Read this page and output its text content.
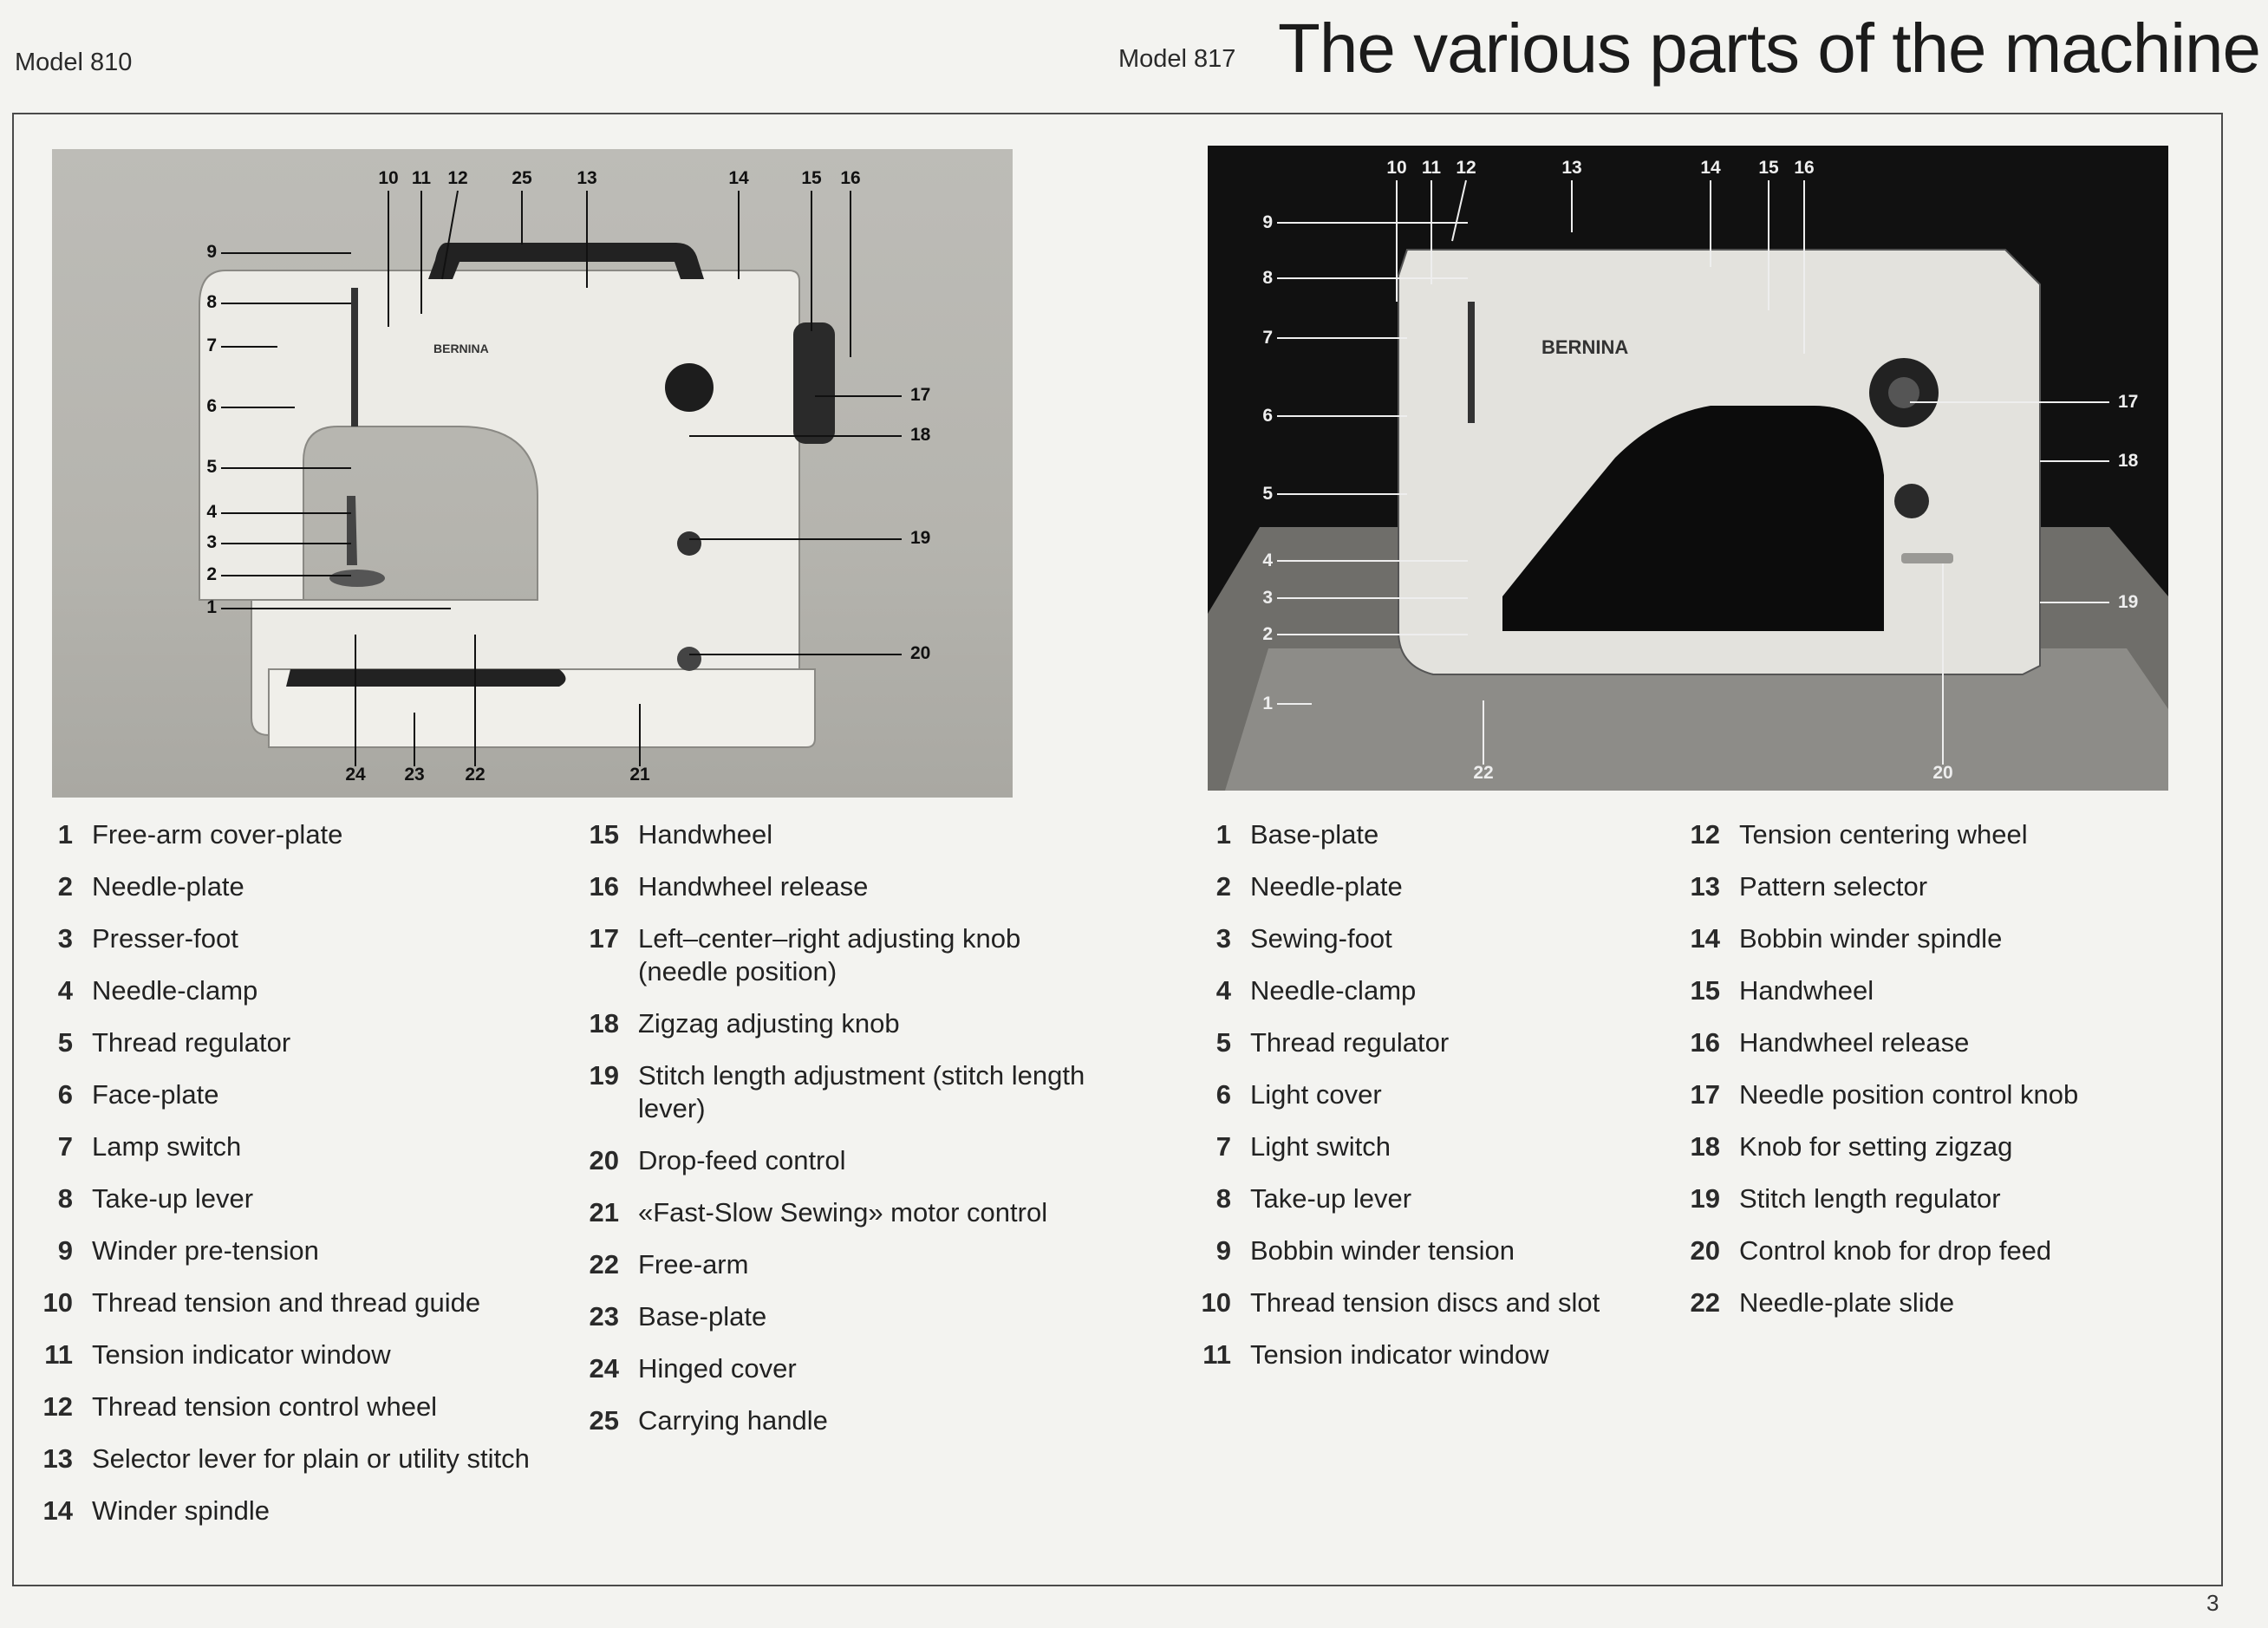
Model 810	Model 817 The various parts of the machine
BERNINA
10 11 12 25 13	14	15 16
9
8
7
6
5
4
3
2
1
17
18
19
20
24 23 22	21
BERNINA
10 11 12	13	14 15 16
9
8
7
6
5
4
3
2
1
17
18
19
22	20
1 Free-arm cover-plate
2 Needle-plate
3 Presser-foot
4 Needle-clamp
5 Thread regulator
6 Face-plate
7 Lamp switch
8 Take-up lever
9 Winder pre-tension
10 Thread tension and thread guide
11 Tension indicator window
12 Thread tension control wheel
13 Selector lever for plain or utility stitch
14 Winder spindle
15 Handwheel
16 Handwheel release
17 Left–center–right adjusting knob (needle position)
18 Zigzag adjusting knob
19 Stitch length adjustment (stitch length lever)
20 Drop-feed control
21 «Fast-Slow Sewing» motor control
22 Free-arm
23 Base-plate
24 Hinged cover
25 Carrying handle
1 Base-plate
2 Needle-plate
3 Sewing-foot
4 Needle-clamp
5 Thread regulator
6 Light cover
7 Light switch
8 Take-up lever
9 Bobbin winder tension
10 Thread tension discs and slot
11 Tension indicator window
12 Tension centering wheel
13 Pattern selector
14 Bobbin winder spindle
15 Handwheel
16 Handwheel release
17 Needle position control knob
18 Knob for setting zigzag
19 Stitch length regulator
20 Control knob for drop feed
22 Needle-plate slide
3
